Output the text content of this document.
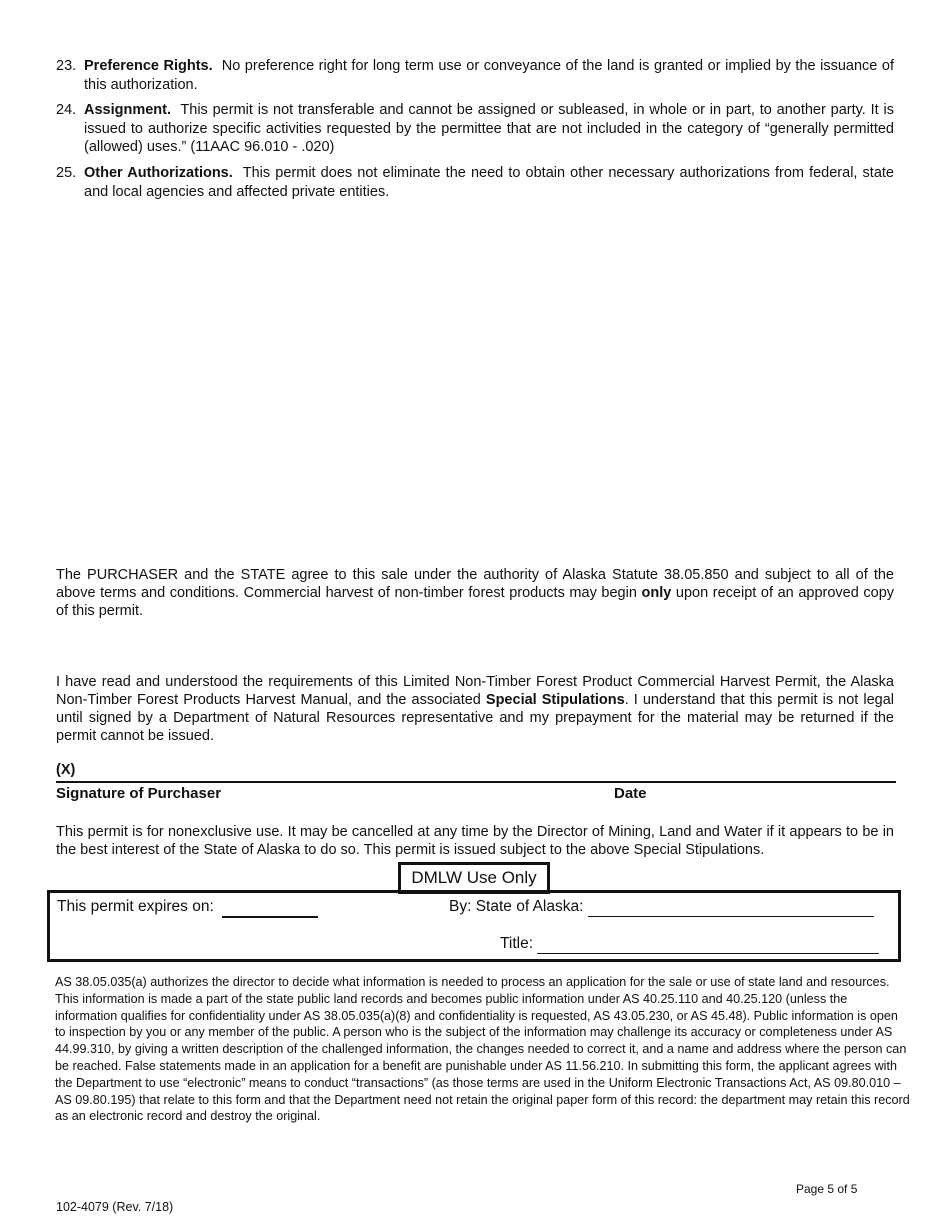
23. Preference Rights. No preference right for long term use or conveyance of the land is granted or implied by the issuance of this authorization.
24. Assignment. This permit is not transferable and cannot be assigned or subleased, in whole or in part, to another party. It is issued to authorize specific activities requested by the permittee that are not included in the category of “generally permitted (allowed) uses.” (11AAC 96.010 - .020)
25. Other Authorizations. This permit does not eliminate the need to obtain other necessary authorizations from federal, state and local agencies and affected private entities.
The PURCHASER and the STATE agree to this sale under the authority of Alaska Statute 38.05.850 and subject to all of the above terms and conditions. Commercial harvest of non-timber forest products may begin only upon receipt of an approved copy of this permit.
I have read and understood the requirements of this Limited Non-Timber Forest Product Commercial Harvest Permit, the Alaska Non-Timber Forest Products Harvest Manual, and the associated Special Stipulations. I understand that this permit is not legal until signed by a Department of Natural Resources representative and my prepayment for the material may be returned if the permit cannot be issued.
(X)
Signature of Purchaser	Date
This permit is for nonexclusive use. It may be cancelled at any time by the Director of Mining, Land and Water if it appears to be in the best interest of the State of Alaska to do so. This permit is issued subject to the above Special Stipulations.
DMLW Use Only
This permit expires on:	By: State of Alaska:
Title:
AS 38.05.035(a) authorizes the director to decide what information is needed to process an application for the sale or use of state land and resources. This information is made a part of the state public land records and becomes public information under AS 40.25.110 and 40.25.120 (unless the information qualifies for confidentiality under AS 38.05.035(a)(8) and confidentiality is requested, AS 43.05.230, or AS 45.48). Public information is open to inspection by you or any member of the public. A person who is the subject of the information may challenge its accuracy or completeness under AS 44.99.310, by giving a written description of the challenged information, the changes needed to correct it, and a name and address where the person can be reached. False statements made in an application for a benefit are punishable under AS 11.56.210. In submitting this form, the applicant agrees with the Department to use “electronic” means to conduct “transactions” (as those terms are used in the Uniform Electronic Transactions Act, AS 09.80.010 – AS 09.80.195) that relate to this form and that the Department need not retain the original paper form of this record: the department may retain this record as an electronic record and destroy the original.
Page 5 of 5
102-4079 (Rev. 7/18)
